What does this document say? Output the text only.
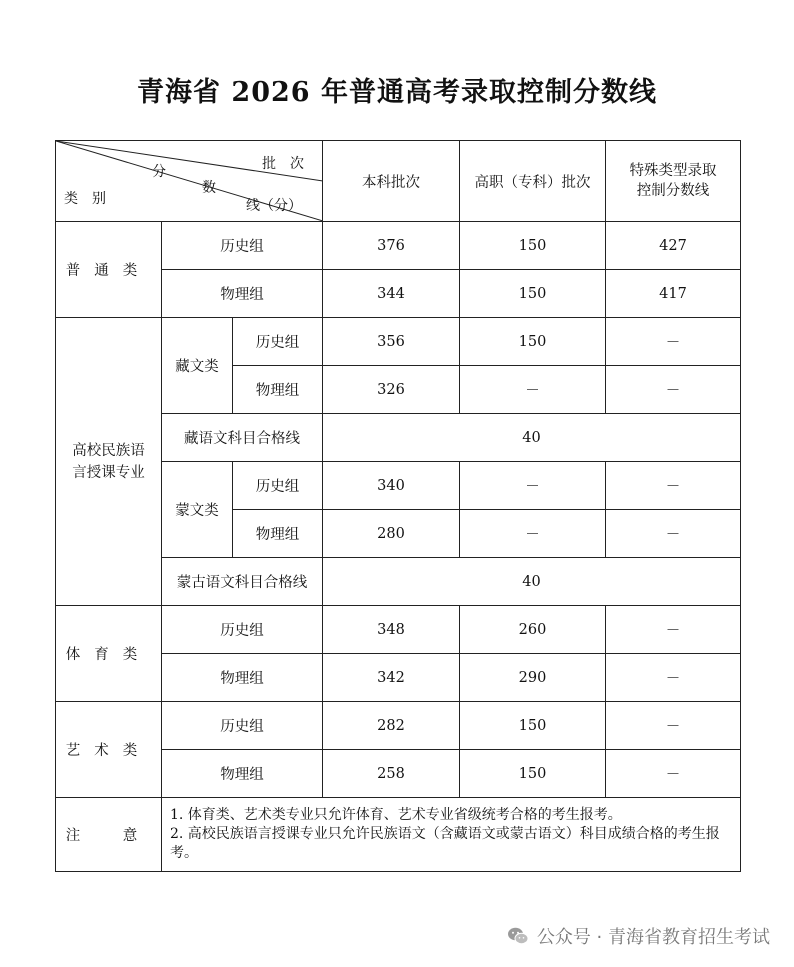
青海省 2026 年普通高考录取控制分数线
批　次
分
数
线（分）
类　别			本科批次	高职（专科）批次	特殊类型录取控制分数线
普通类	历史组		376	150	427
	物理组		344	150	417
高校民族语言授课专业	藏文类	历史组	356	150	－
		物理组	326	－	－
	藏语文科目合格线		40		
	蒙文类	历史组	340	－	－
		物理组	280	－	－
	蒙古语文科目合格线		40		
体育类	历史组		348	260	－
	物理组		342	290	－
艺术类	历史组		282	150	－
	物理组		258	150	－
注　意	1. 体育类、艺术类专业只允许体育、艺术专业省级统考合格的考生报考。
2. 高校民族语言授课专业只允许民族语文（含藏语文或蒙古语文）科目成绩合格的考生报考。				
公众号 · 青海省教育招生考试
